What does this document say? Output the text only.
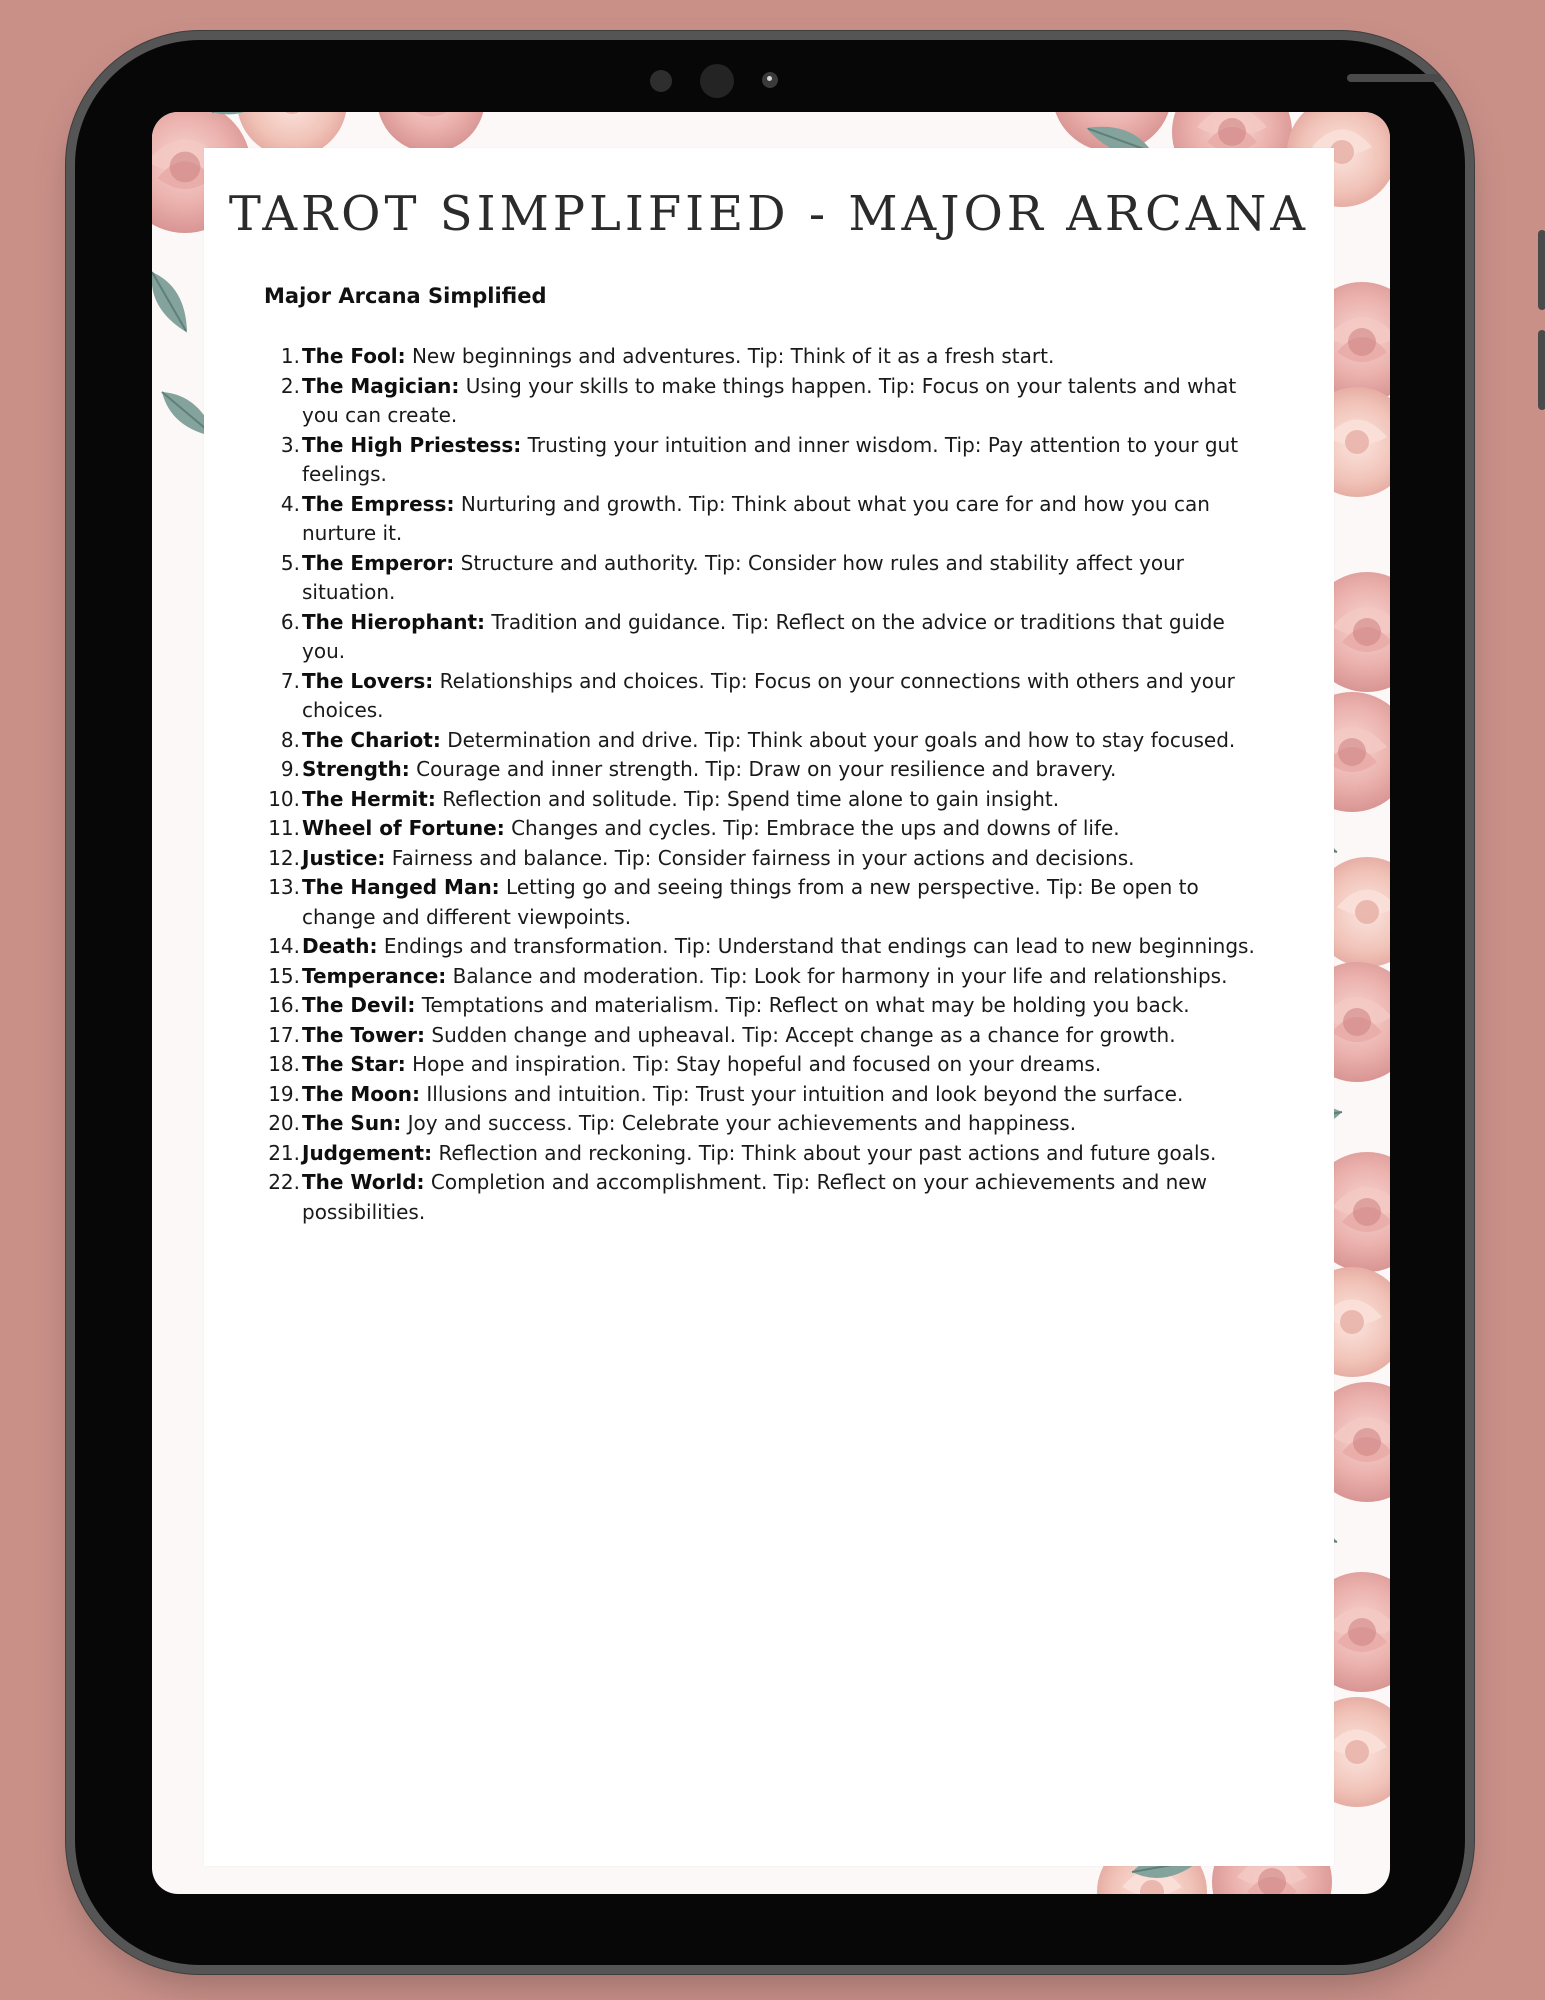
TAROT SIMPLIFIED - MAJOR ARCANA
Major Arcana Simplified
1. The Fool: New beginnings and adventures. Tip: Think of it as a fresh start.
2. The Magician: Using your skills to make things happen. Tip: Focus on your talents and what you can create.
3. The High Priestess: Trusting your intuition and inner wisdom. Tip: Pay attention to your gut feelings.
4. The Empress: Nurturing and growth. Tip: Think about what you care for and how you can nurture it.
5. The Emperor: Structure and authority. Tip: Consider how rules and stability affect your situation.
6. The Hierophant: Tradition and guidance. Tip: Reflect on the advice or traditions that guide you.
7. The Lovers: Relationships and choices. Tip: Focus on your connections with others and your choices.
8. The Chariot: Determination and drive. Tip: Think about your goals and how to stay focused.
9. Strength: Courage and inner strength. Tip: Draw on your resilience and bravery.
10. The Hermit: Reflection and solitude. Tip: Spend time alone to gain insight.
11. Wheel of Fortune: Changes and cycles. Tip: Embrace the ups and downs of life.
12. Justice: Fairness and balance. Tip: Consider fairness in your actions and decisions.
13. The Hanged Man: Letting go and seeing things from a new perspective. Tip: Be open to change and different viewpoints.
14. Death: Endings and transformation. Tip: Understand that endings can lead to new beginnings.
15. Temperance: Balance and moderation. Tip: Look for harmony in your life and relationships.
16. The Devil: Temptations and materialism. Tip: Reflect on what may be holding you back.
17. The Tower: Sudden change and upheaval. Tip: Accept change as a chance for growth.
18. The Star: Hope and inspiration. Tip: Stay hopeful and focused on your dreams.
19. The Moon: Illusions and intuition. Tip: Trust your intuition and look beyond the surface.
20. The Sun: Joy and success. Tip: Celebrate your achievements and happiness.
21. Judgement: Reflection and reckoning. Tip: Think about your past actions and future goals.
22. The World: Completion and accomplishment. Tip: Reflect on your achievements and new possibilities.
